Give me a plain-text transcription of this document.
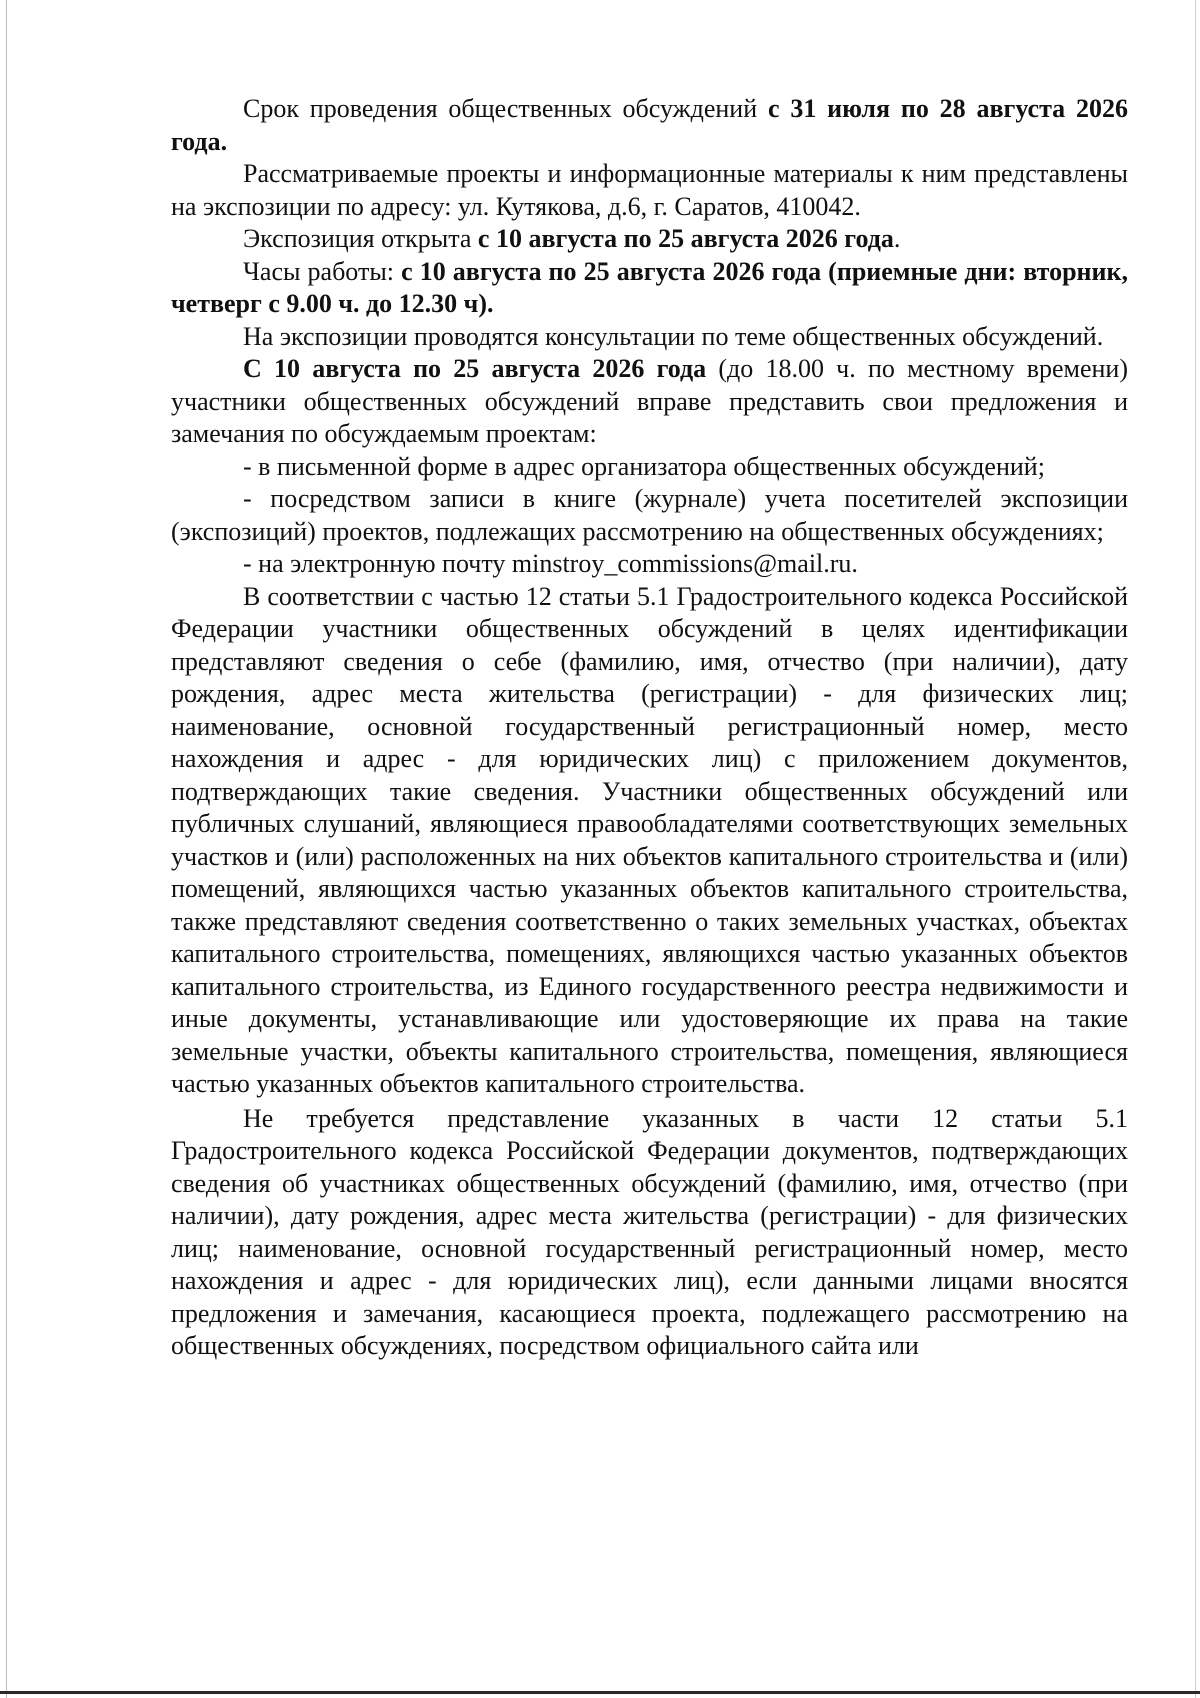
Срок проведения общественных обсуждений с 31 июля по 28 августа 2026 года.

Рассматриваемые проекты и информационные материалы к ним представлены на экспозиции по адресу: ул. Кутякова, д.6, г. Саратов, 410042.

Экспозиция открыта с 10 августа по 25 августа 2026 года.

Часы работы: с 10 августа по 25 августа 2026 года (приемные дни: вторник, четверг с 9.00 ч. до 12.30 ч).

На экспозиции проводятся консультации по теме общественных обсуждений.

С 10 августа по 25 августа 2026 года (до 18.00 ч. по местному времени) участники общественных обсуждений вправе представить свои предложения и замечания по обсуждаемым проектам:

- в письменной форме в адрес организатора общественных обсуждений;

- посредством записи в книге (журнале) учета посетителей экспозиции (экспозиций) проектов, подлежащих рассмотрению на общественных обсуждениях;

- на электронную почту minstroy_commissions@mail.ru.

В соответствии с частью 12 статьи 5.1 Градостроительного кодекса Российской Федерации участники общественных обсуждений в целях идентификации представляют сведения о себе (фамилию, имя, отчество (при наличии), дату рождения, адрес места жительства (регистрации) - для физических лиц; наименование, основной государственный регистрационный номер, место нахождения и адрес - для юридических лиц) с приложением документов, подтверждающих такие сведения. Участники общественных обсуждений или публичных слушаний, являющиеся правообладателями соответствующих земельных участков и (или) расположенных на них объектов капитального строительства и (или) помещений, являющихся частью указанных объектов капитального строительства, также представляют сведения соответственно о таких земельных участках, объектах капитального строительства, помещениях, являющихся частью указанных объектов капитального строительства, из Единого государственного реестра недвижимости и иные документы, устанавливающие или удостоверяющие их права на такие земельные участки, объекты капитального строительства, помещения, являющиеся частью указанных объектов капитального строительства.

Не требуется представление указанных в части 12 статьи 5.1 Градостроительного кодекса Российской Федерации документов, подтверждающих сведения об участниках общественных обсуждений (фамилию, имя, отчество (при наличии), дату рождения, адрес места жительства (регистрации) - для физических лиц; наименование, основной государственный регистрационный номер, место нахождения и адрес - для юридических лиц), если данными лицами вносятся предложения и замечания, касающиеся проекта, подлежащего рассмотрению на общественных обсуждениях, посредством официального сайта или
